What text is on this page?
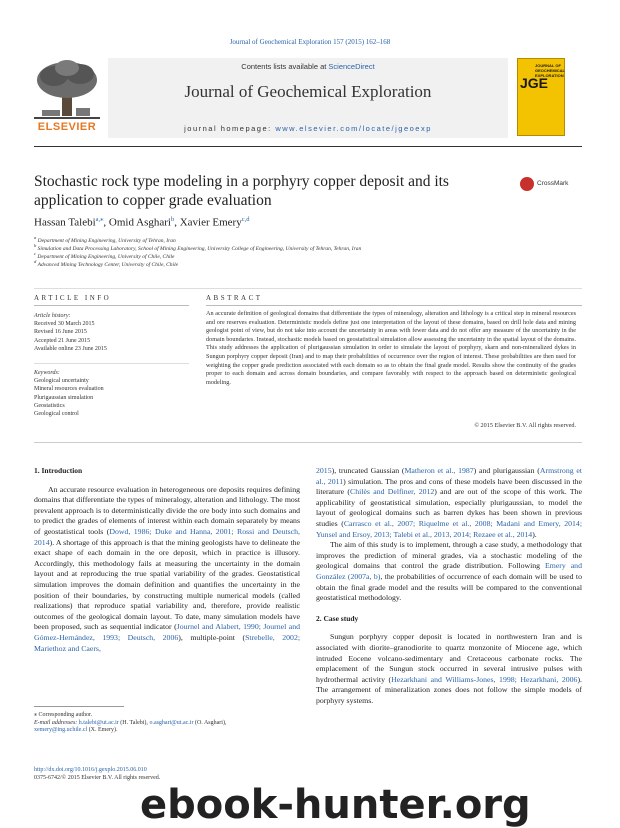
Journal of Geochemical Exploration 157 (2015) 162–168
ELSEVIER
Contents lists available at ScienceDirect
Journal of Geochemical Exploration
journal homepage: www.elsevier.com/locate/jgeoexp
JOURNAL OF GEOCHEMICAL EXPLORATION
JGE
Stochastic rock type modeling in a porphyry copper deposit and its application to copper grade evaluation
CrossMark
Hassan Talebi$^{a,⁎}$, Omid Asghari$^b$, Xavier Emery$^{c,d}$
$^a$ Department of Mining Engineering, University of Tehran, Iran
$^b$ Simulation and Data Processing Laboratory, School of Mining Engineering, University College of Engineering, University of Tehran, Tehran, Iran
$^c$ Department of Mining Engineering, University of Chile, Chile
$^d$ Advanced Mining Technology Center, University of Chile, Chile
ARTICLE INFO	ABSTRACT
Article history:
Received 30 March 2015
Revised 16 June 2015
Accepted 21 June 2015
Available online 23 June 2015
Keywords:
Geological uncertainty
Mineral resources evaluation
Plurigaussian simulation
Geostatistics
Geological control
An accurate definition of geological domains that differentiate the types of mineralogy, alteration and lithology is a critical step in mineral resources and ore reserves evaluation. Deterministic models define just one interpretation of the layout of these domains, based on drill hole data and mining geologist point of view, but do not take into account the uncertainty in areas with fewer data and do not offer any measure of the uncertainty in the domain boundaries. Instead, stochastic models based on geostatistical simulation allow assessing the uncertainty in the spatial layout of the domains. This study addresses the application of plurigaussian simulation in order to simulate the layout of porphyry, skarn and non-mineralized dykes in Sungun porphyry copper deposit (Iran) and to map their probabilities of occurrence over the region of interest. These probabilities are then used for weighting the copper grade prediction associated with each domain so as to obtain the final grade model. Results show the continuity of the grades proper to each domain and across domain boundaries, and compare favorably with respect to the approach based on deterministic geological modeling.
© 2015 Elsevier B.V. All rights reserved.
1. Introduction

An accurate resource evaluation in heterogeneous ore deposits requires defining domains that differentiate the types of mineralogy, alteration and lithology. The most prevalent approach is to deterministically divide the ore body into such domains and to predict the grades of elements of interest within each domain separately by means of geostatistical tools (Dowd, 1986; Duke and Hanna, 2001; Rossi and Deutsch, 2014). A shortage of this approach is that the mining geologists have to delineate the exact shape of each domain in the ore deposit, which in practice is illusory. Accordingly, this methodology fails at measuring the uncertainty in the domain layout and at reproducing the true spatial variability of the grades. Geostatistical simulation improves the domain definition and quantifies the uncertainty in the position of their boundaries, by constructing multiple numerical models (called realizations) that reproduce spatial variability and, therefore, provide realistic outcomes of the geological domain layout. To date, many simulation models have been proposed, such as sequential indicator (Journel and Alabert, 1990; Journel and Gómez-Hernández, 1993; Deutsch, 2006), multiple-point (Strebelle, 2002; Mariethoz and Caers,

2015), truncated Gaussian (Matheron et al., 1987) and plurigaussian (Armstrong et al., 2011) simulation. The pros and cons of these models have been discussed in the literature (Chilès and Delfiner, 2012) and are out of the scope of this work. The applicability of geostatistical simulation, especially plurigaussian, to model the layout of geological domains such as barren dykes has been shown in previous studies (Carrasco et al., 2007; Riquelme et al., 2008; Madani and Emery, 2014; Yunsel and Ersoy, 2013; Talebi et al., 2013, 2014; Rezaee et al., 2014).

The aim of this study is to implement, through a case study, a methodology that improves the prediction of mineral grades, via a stochastic modeling of the geological domains that control the grade distribution. Following Emery and González (2007a, b), the probabilities of occurrence of each domain will be used to obtain the final grade model and the results will be compared to the conventional geostatistical methodology.

2. Case study

Sungun porphyry copper deposit is located in northwestern Iran and is associated with diorite–granodiorite to quartz monzonite of Miocene age, which intruded Eocene volcano-sedimentary and Cretaceous carbonate rocks. The emplacement of the Sungun stock occurred in several intrusive pulses with hydrothermal activity (Hezarkhani and Williams-Jones, 1998; Hezarkhani, 2006). The arrangement of mineralization zones does not follow the simple models of porphyry systems.

⁎ Corresponding author.
E-mail addresses: h.talebi@ut.ac.ir (H. Talebi), o.asghari@ut.ac.ir (O. Asghari),
xemery@ing.uchile.cl (X. Emery).
http://dx.doi.org/10.1016/j.gexplo.2015.06.010
0375-6742/© 2015 Elsevier B.V. All rights reserved.
ebook-hunter.org
